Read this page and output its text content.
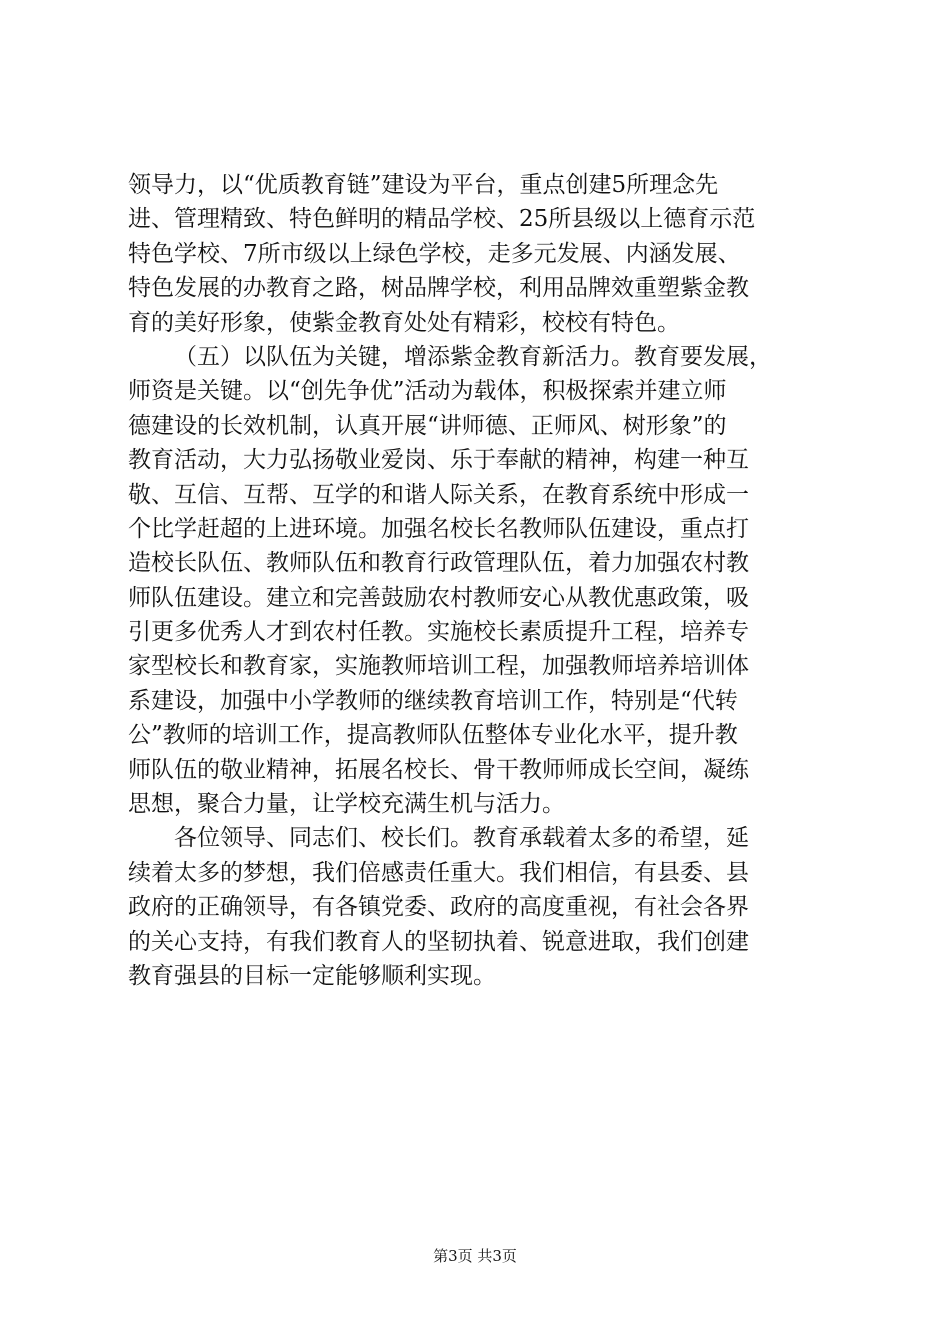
领导力，以“优质教育链”建设为平台，重点创建5所理念先
进、管理精致、特色鲜明的精品学校、25所县级以上德育示范
特色学校、7所市级以上绿色学校，走多元发展、内涵发展、
特色发展的办教育之路，树品牌学校，利用品牌效重塑紫金教
育的美好形象，使紫金教育处处有精彩，校校有特色。
（五）以队伍为关键，增添紫金教育新活力。教育要发展，
师资是关键。以“创先争优”活动为载体，积极探索并建立师
德建设的长效机制，认真开展“讲师德、正师风、树形象”的
教育活动，大力弘扬敬业爱岗、乐于奉献的精神，构建一种互
敬、互信、互帮、互学的和谐人际关系，在教育系统中形成一
个比学赶超的上进环境。加强名校长名教师队伍建设，重点打
造校长队伍、教师队伍和教育行政管理队伍，着力加强农村教
师队伍建设。建立和完善鼓励农村教师安心从教优惠政策，吸
引更多优秀人才到农村任教。实施校长素质提升工程，培养专
家型校长和教育家，实施教师培训工程，加强教师培养培训体
系建设，加强中小学教师的继续教育培训工作，特别是“代转
公”教师的培训工作，提高教师队伍整体专业化水平，提升教
师队伍的敬业精神，拓展名校长、骨干教师师成长空间，凝练
思想，聚合力量，让学校充满生机与活力。
各位领导、同志们、校长们。教育承载着太多的希望，延
续着太多的梦想，我们倍感责任重大。我们相信，有县委、县
政府的正确领导，有各镇党委、政府的高度重视，有社会各界
的关心支持，有我们教育人的坚韧执着、锐意进取，我们创建
教育强县的目标一定能够顺利实现。
第3页 共3页
